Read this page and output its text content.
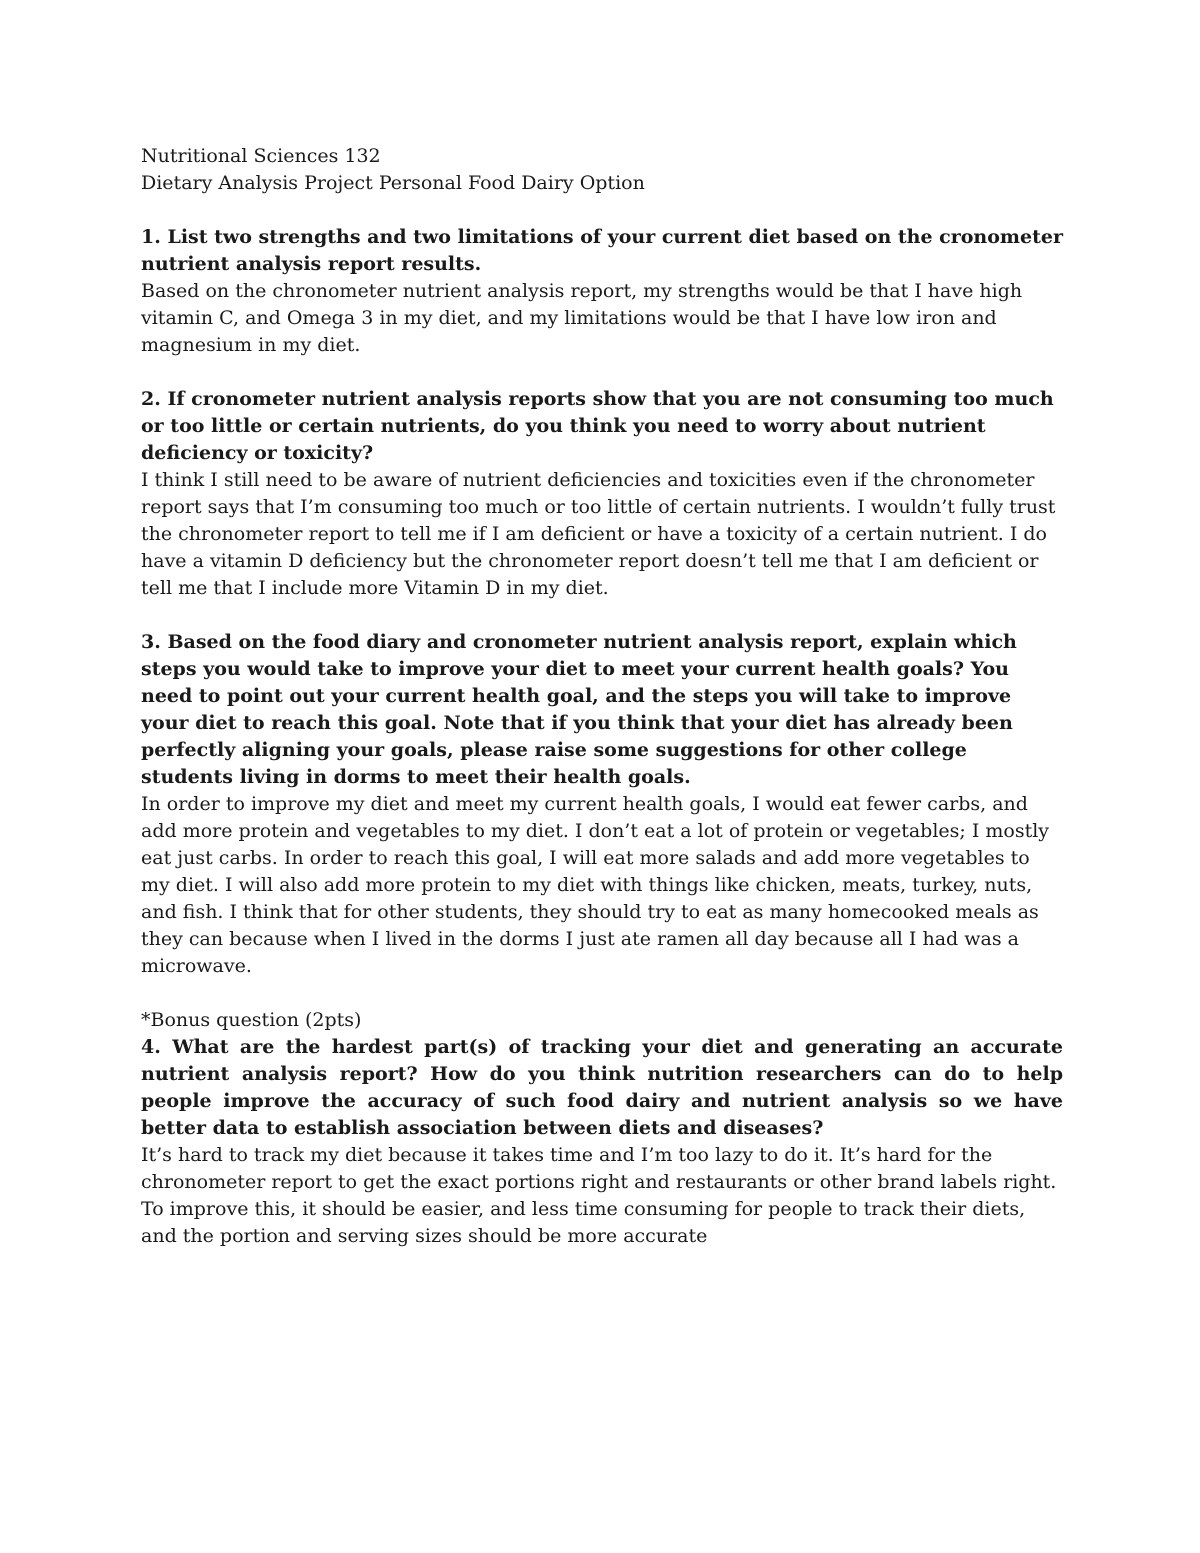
Nutritional Sciences 132

Dietary Analysis Project Personal Food Dairy Option

1. List two strengths and two limitations of your current diet based on the cronometer nutrient analysis report results.

Based on the chronometer nutrient analysis report, my strengths would be that I have high vitamin C, and Omega 3 in my diet, and my limitations would be that I have low iron and magnesium in my diet.

2. If cronometer nutrient analysis reports show that you are not consuming too much or too little or certain nutrients, do you think you need to worry about nutrient deficiency or toxicity?

I think I still need to be aware of nutrient deficiencies and toxicities even if the chronometer report says that I’m consuming too much or too little of certain nutrients. I wouldn’t fully trust the chronometer report to tell me if I am deficient or have a toxicity of a certain nutrient. I do have a vitamin D deficiency but the chronometer report doesn’t tell me that I am deficient or tell me that I include more Vitamin D in my diet.

3. Based on the food diary and cronometer nutrient analysis report, explain which steps you would take to improve your diet to meet your current health goals? You need to point out your current health goal, and the steps you will take to improve your diet to reach this goal. Note that if you think that your diet has already been perfectly aligning your goals, please raise some suggestions for other college students living in dorms to meet their health goals.

In order to improve my diet and meet my current health goals, I would eat fewer carbs, and add more protein and vegetables to my diet. I don’t eat a lot of protein or vegetables; I mostly eat just carbs. In order to reach this goal, I will eat more salads and add more vegetables to my diet. I will also add more protein to my diet with things like chicken, meats, turkey, nuts, and fish. I think that for other students, they should try to eat as many homecooked meals as they can because when I lived in the dorms I just ate ramen all day because all I had was a microwave.

*Bonus question (2pts)

4. What are the hardest part(s) of tracking your diet and generating an accurate nutrient analysis report? How do you think nutrition researchers can do to help people improve the accuracy of such food dairy and nutrient analysis so we have better data to establish association between diets and diseases?

It’s hard to track my diet because it takes time and I’m too lazy to do it. It’s hard for the chronometer report to get the exact portions right and restaurants or other brand labels right. To improve this, it should be easier, and less time consuming for people to track their diets, and the portion and serving sizes should be more accurate
